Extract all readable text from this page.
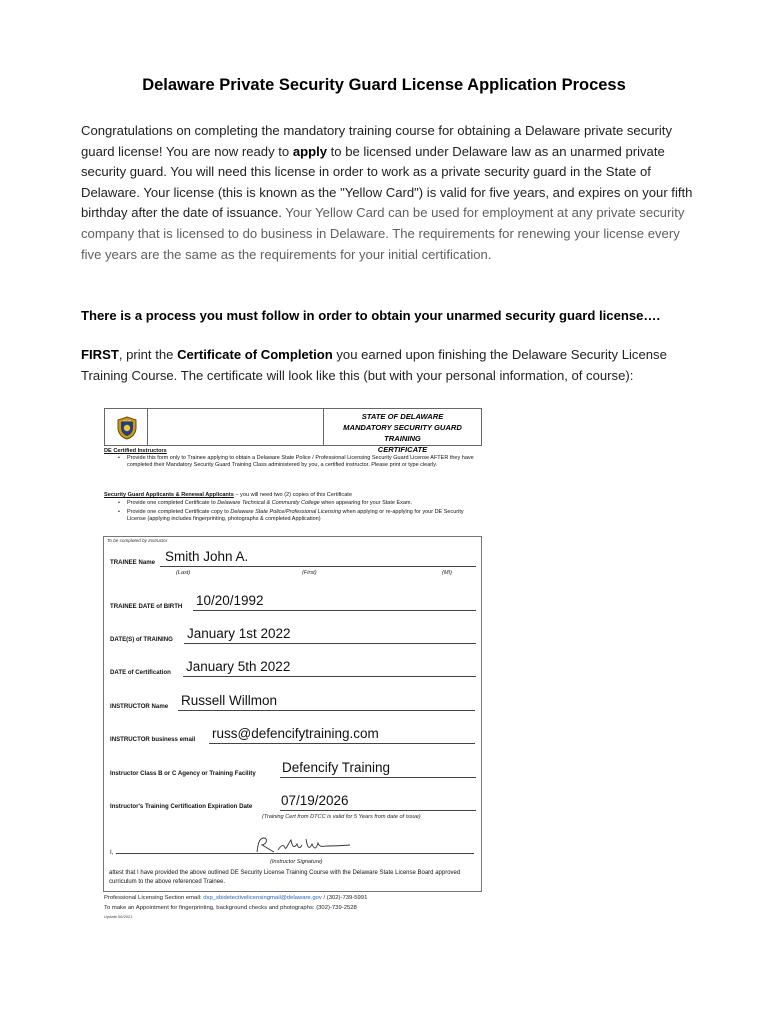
Delaware Private Security Guard License Application Process
Congratulations on completing the mandatory training course for obtaining a Delaware private security guard license! You are now ready to apply to be licensed under Delaware law as an unarmed private security guard. You will need this license in order to work as a private security guard in the State of Delaware. Your license (this is known as the "Yellow Card") is valid for five years, and expires on your fifth birthday after the date of issuance. Your Yellow Card can be used for employment at any private security company that is licensed to do business in Delaware. The requirements for renewing your license every five years are the same as the requirements for your initial certification.
There is a process you must follow in order to obtain your unarmed security guard license….
FIRST, print the Certificate of Completion you earned upon finishing the Delaware Security License Training Course. The certificate will look like this (but with your personal information, of course):
STATE OF DELAWARE
MANDATORY SECURITY GUARD TRAINING
CERTIFICATE
DE Certified Instructors
• Provide this form only to Trainee applying to obtain a Delaware State Police / Professional Licensing Security Guard License AFTER they have completed their Mandatory Security Guard Training Class administered by you, a certified instructor. Please print or type clearly.
Security Guard Applicants & Renewal Applicants – you will need two (2) copies of this Certificate
• Provide one completed Certificate to Delaware Technical & Community College when appearing for your State Exam.
• Provide one completed Certificate copy to Delaware State Police/Professional Licensing when applying or re-applying for your DE Security License (applying includes fingerprinting, photographs & completed Application)
To be completed by Instructor
TRAINEE Name Smith John A.
(Last)	(First)	(MI)
TRAINEE DATE of BIRTH 10/20/1992
DATE(S) of TRAINING January 1st 2022
DATE of Certification January 5th 2022
INSTRUCTOR Name Russell Willmon
INSTRUCTOR business email russ@defencifytraining.com
Instructor Class B or C Agency or Training Facility Defencify Training
Instructor's Training Certification Expiration Date 07/19/2026
(Training Cert from DTCC is valid for 5 Years from date of issue)
I,
(Instructor Signature)
attest that I have provided the above outlined DE Security License Training Course with the Delaware State License Board approved curriculum to the above referenced Trainee.
Professional Licensing Section email: dsp_sbidetectivelicensingmail@delaware.gov / (302)-739-5991
To make an Appointment for fingerprinting, background checks and photographs: (302)-739-2528
Update 06/2021
